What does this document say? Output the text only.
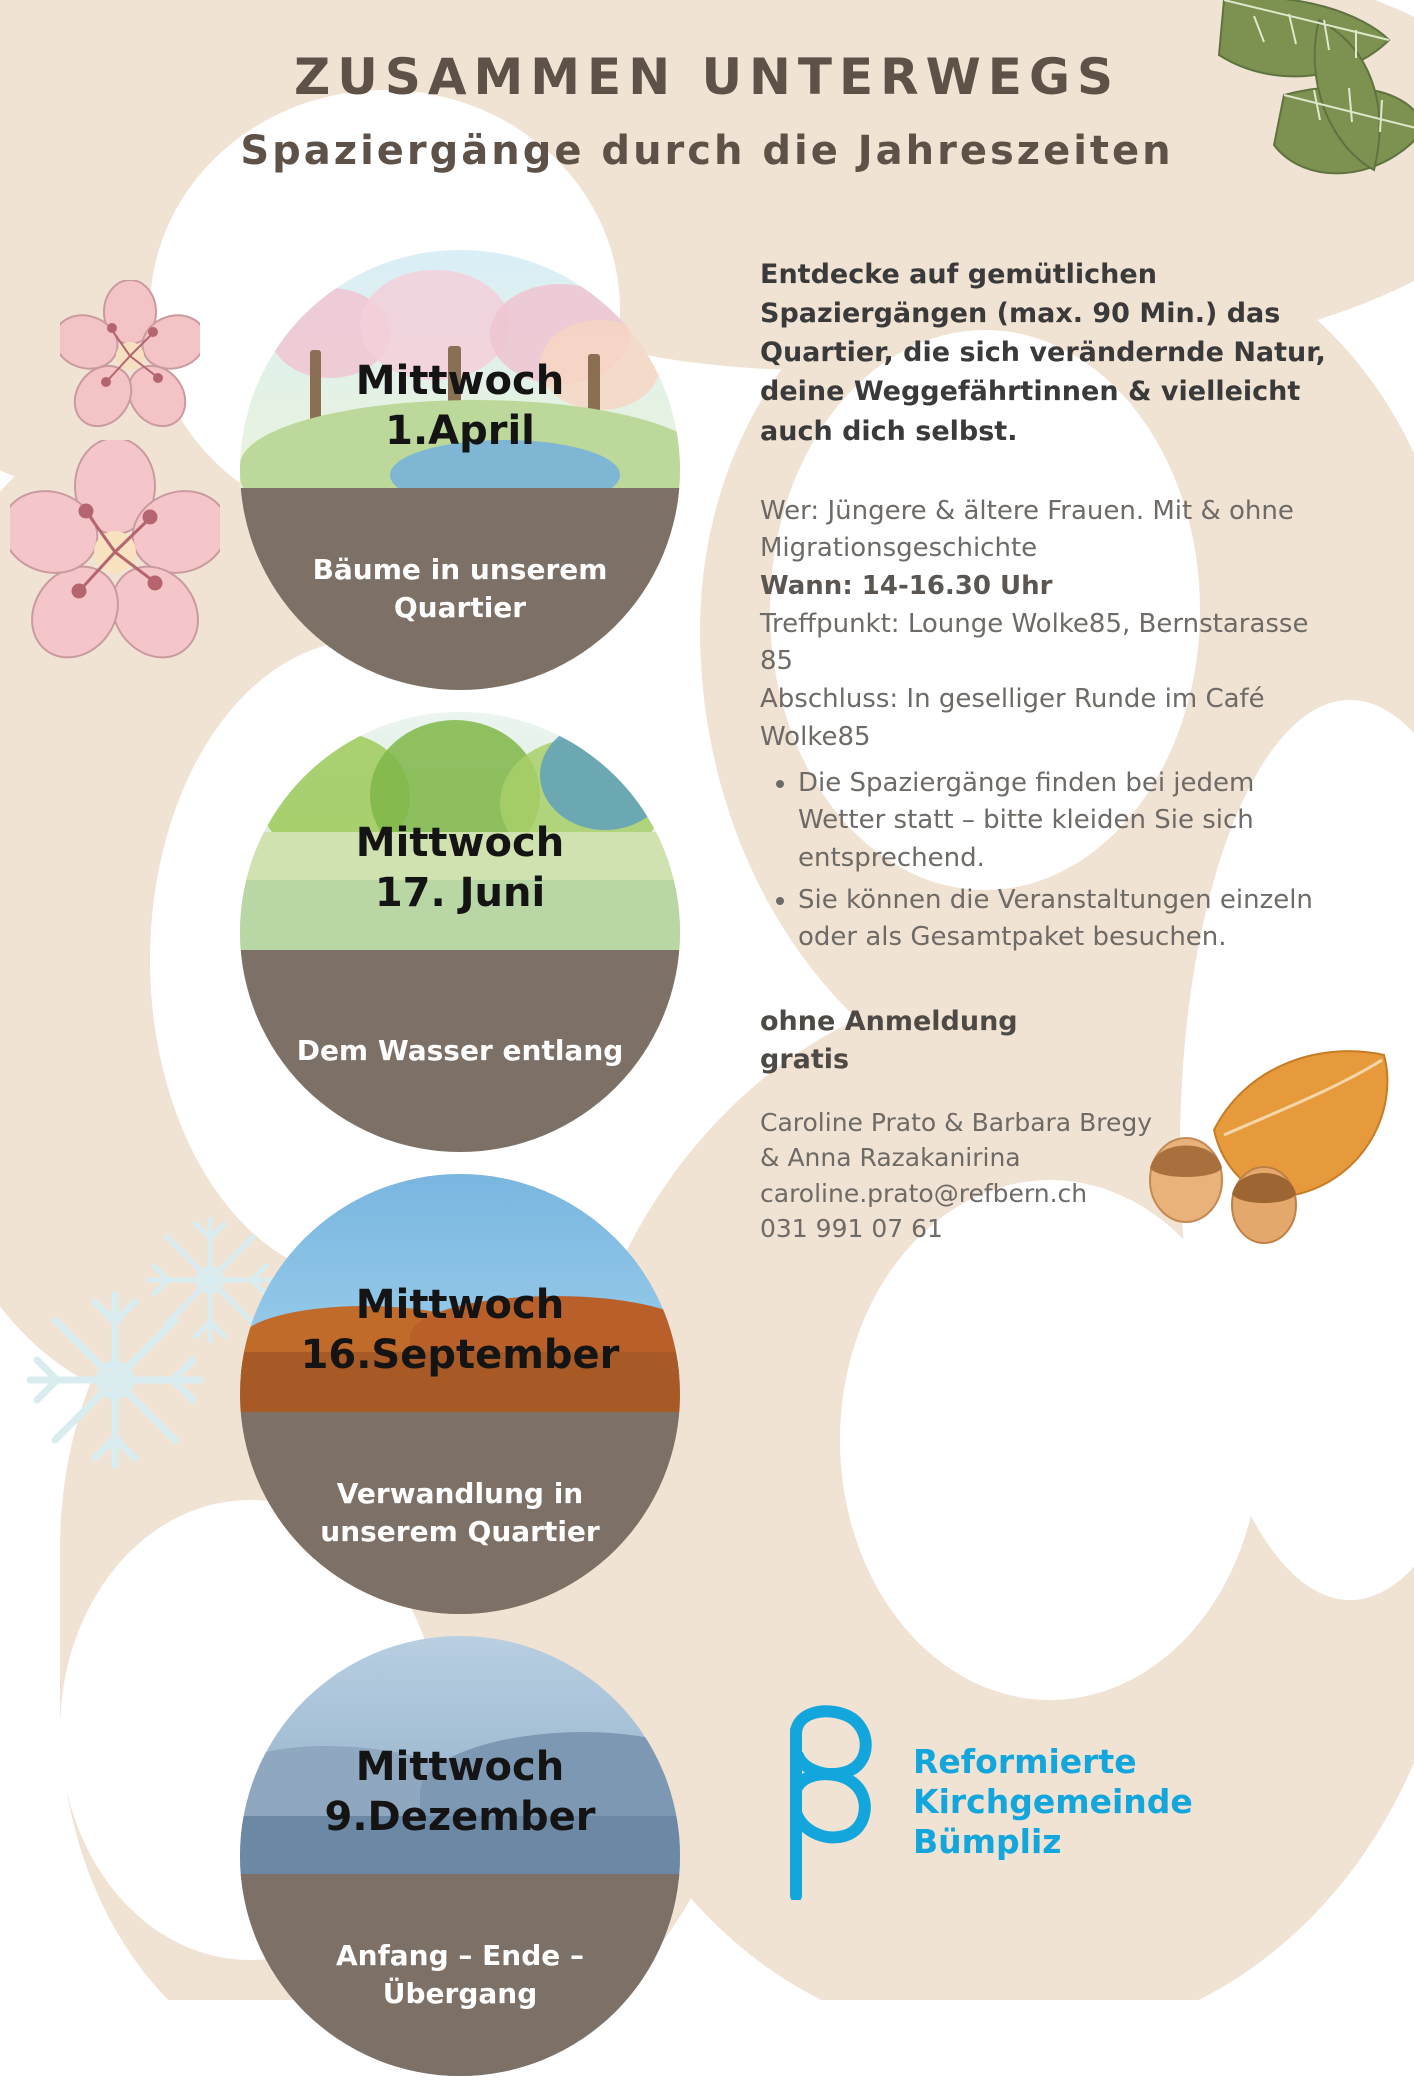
ZUSAMMEN UNTERWEGS
Spaziergänge durch die Jahreszeiten
Mittwoch
1.April
Bäume in unserem Quartier
Mittwoch
17. Juni
Dem Wasser entlang
Mittwoch
16.September
Verwandlung in unserem Quartier
Mittwoch
9.Dezember
Anfang – Ende – Übergang

Entdecke auf gemütlichen Spaziergängen (max. 90 Min.) das Quartier, die sich verändernde Natur, deine Weggefährtinnen & vielleicht auch dich selbst.

Wer: Jüngere & ältere Frauen. Mit & ohne Migrationsgeschichte
Wann: 14-16.30 Uhr
Treffpunkt: Lounge Wolke85, Bernstarasse 85
Abschluss: In geselliger Runde im Café Wolke85
• Die Spaziergänge finden bei jedem Wetter statt – bitte kleiden Sie sich entsprechend.
• Sie können die Veranstaltungen einzeln oder als Gesamtpaket besuchen.
ohne Anmeldung
gratis
Caroline Prato & Barbara Bregy
& Anna Razakanirina
caroline.prato@refbern.ch
031 991 07 61
Reformierte
Kirchgemeinde
Bümpliz
